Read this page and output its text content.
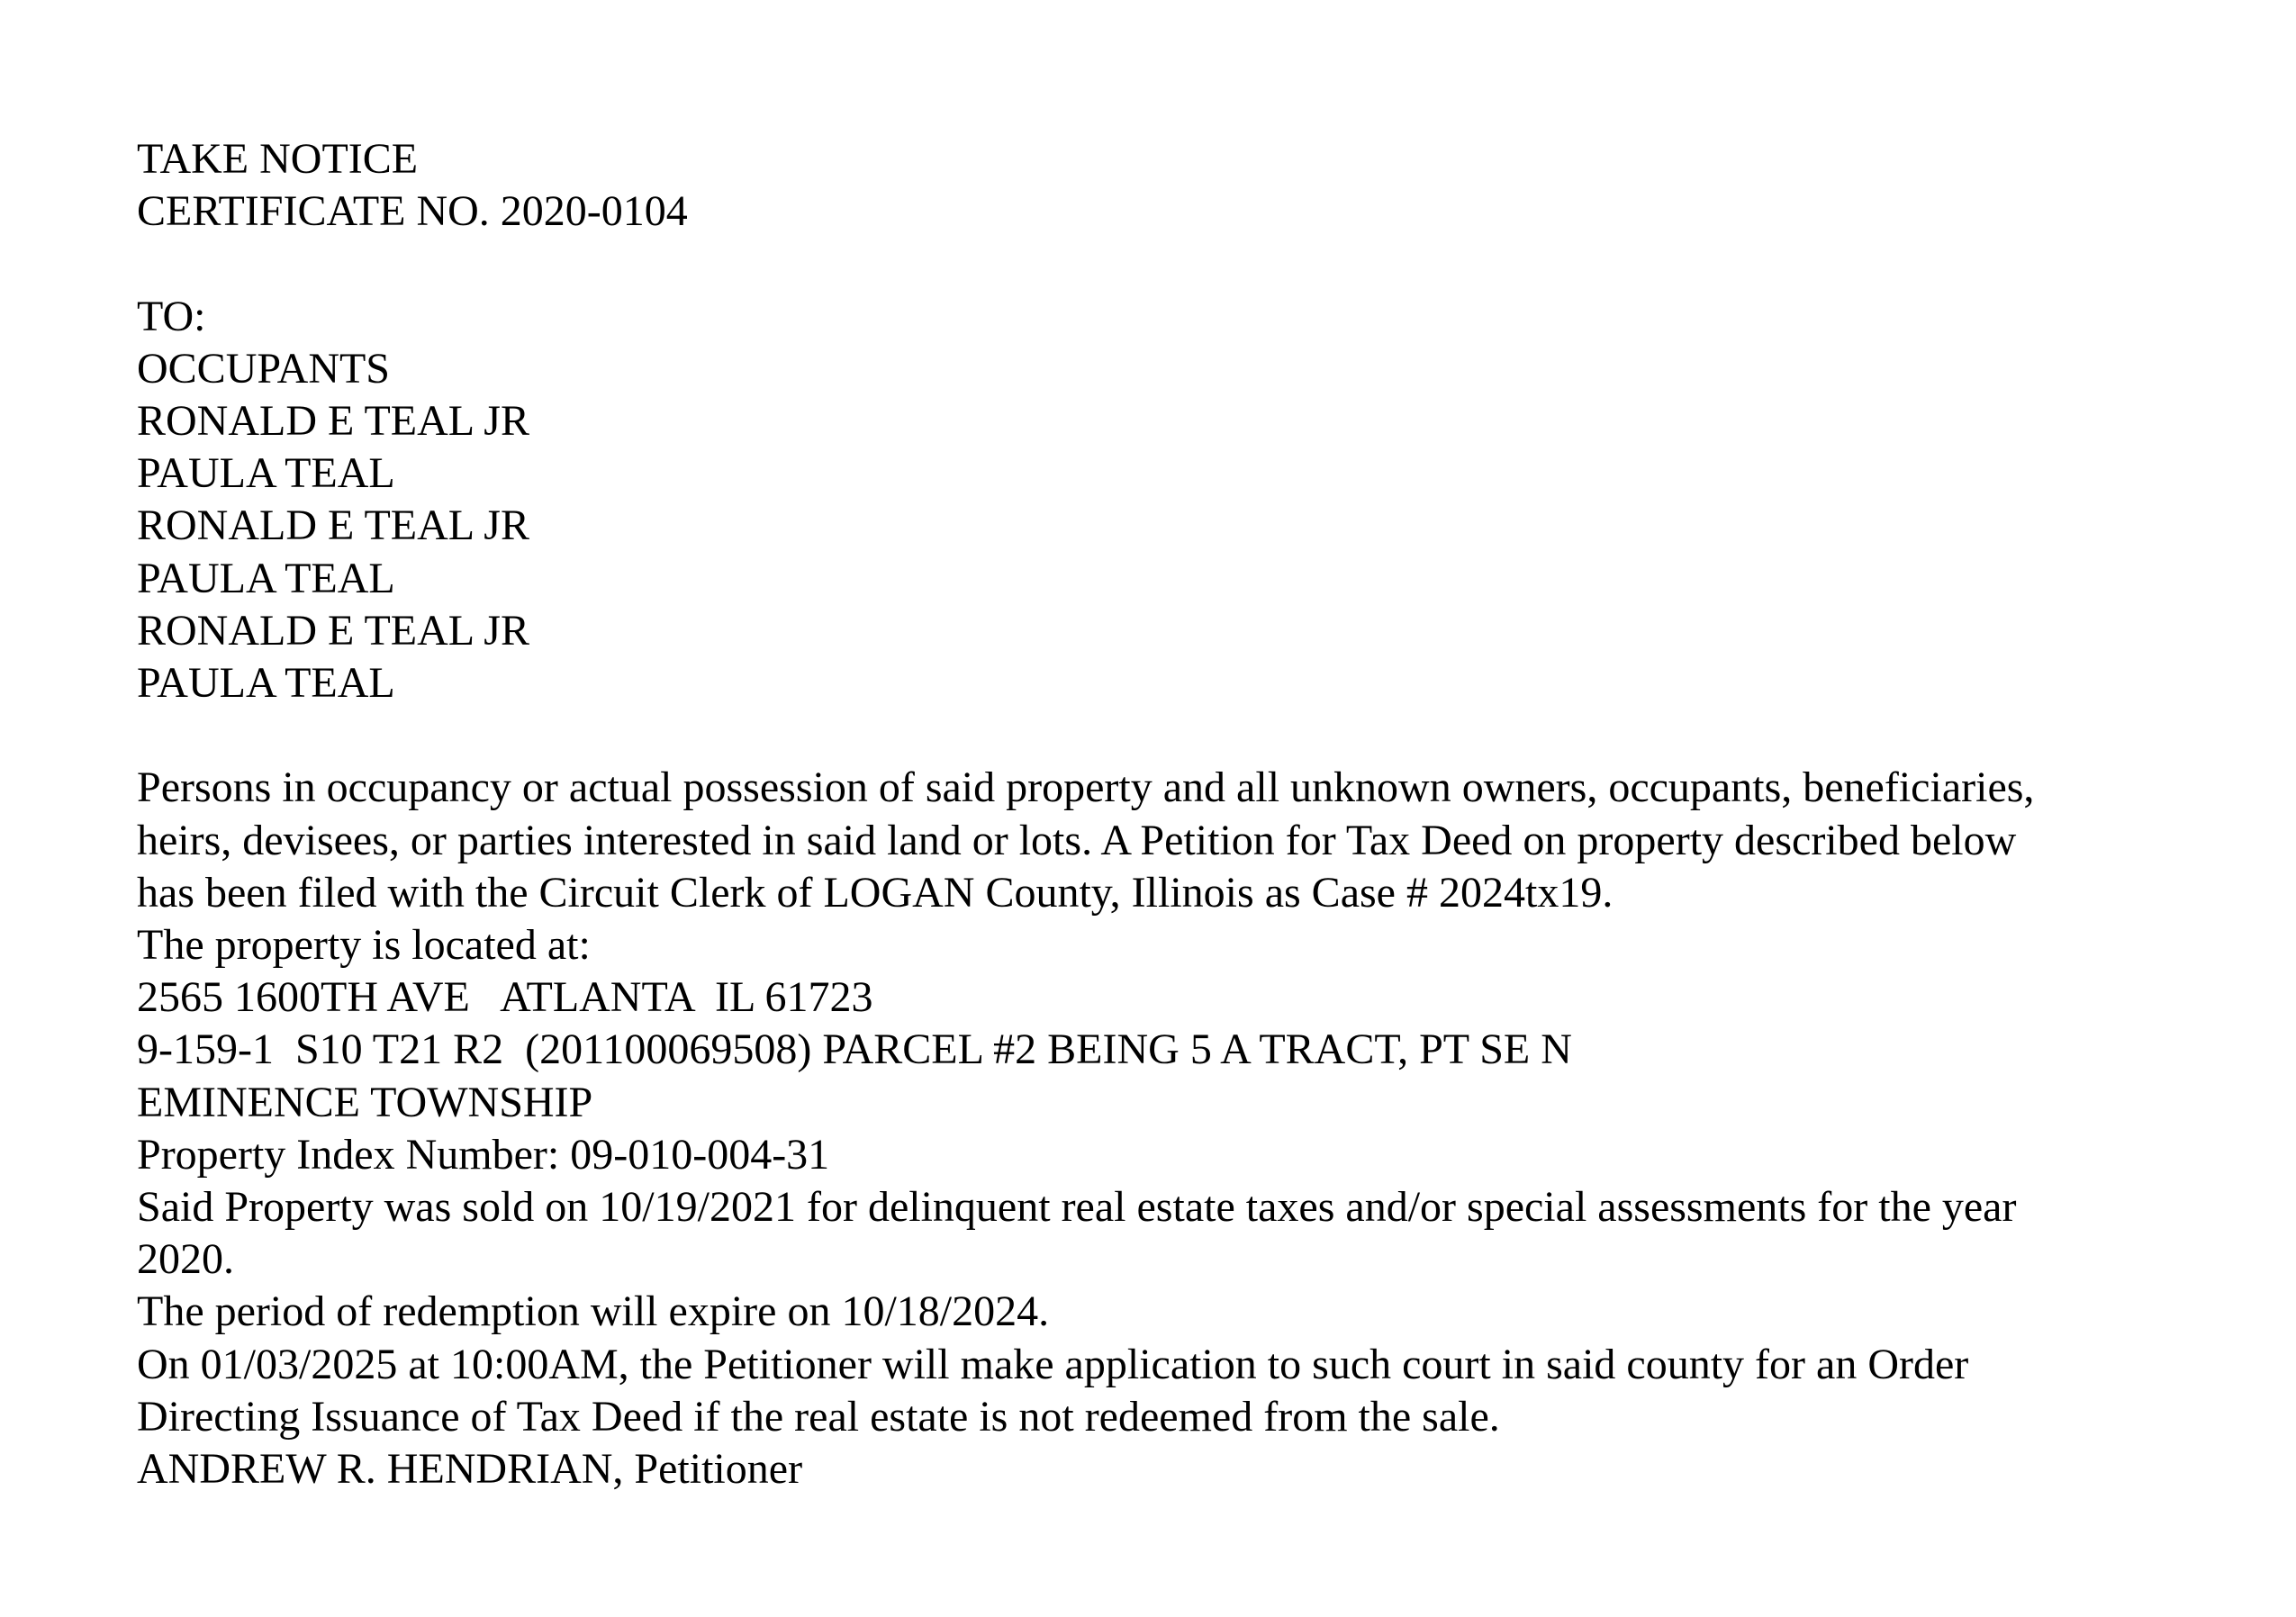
TAKE NOTICE
CERTIFICATE NO. 2020-0104
TO:
OCCUPANTS
RONALD E TEAL JR
PAULA TEAL
RONALD E TEAL JR
PAULA TEAL
RONALD E TEAL JR
PAULA TEAL
Persons in occupancy or actual possession of said property and all unknown owners, occupants, beneficiaries,
heirs, devisees, or parties interested in said land or lots. A Petition for Tax Deed on property described below
has been filed with the Circuit Clerk of LOGAN County, Illinois as Case # 2024tx19.
The property is located at:
2565 1600TH AVE   ATLANTA  IL 61723
9-159-1  S10 T21 R2  (201100069508) PARCEL #2 BEING 5 A TRACT, PT SE N
EMINENCE TOWNSHIP
Property Index Number: 09-010-004-31
Said Property was sold on 10/19/2021 for delinquent real estate taxes and/or special assessments for the year
2020.
The period of redemption will expire on 10/18/2024.
On 01/03/2025 at 10:00AM, the Petitioner will make application to such court in said county for an Order
Directing Issuance of Tax Deed if the real estate is not redeemed from the sale.
ANDREW R. HENDRIAN, Petitioner
